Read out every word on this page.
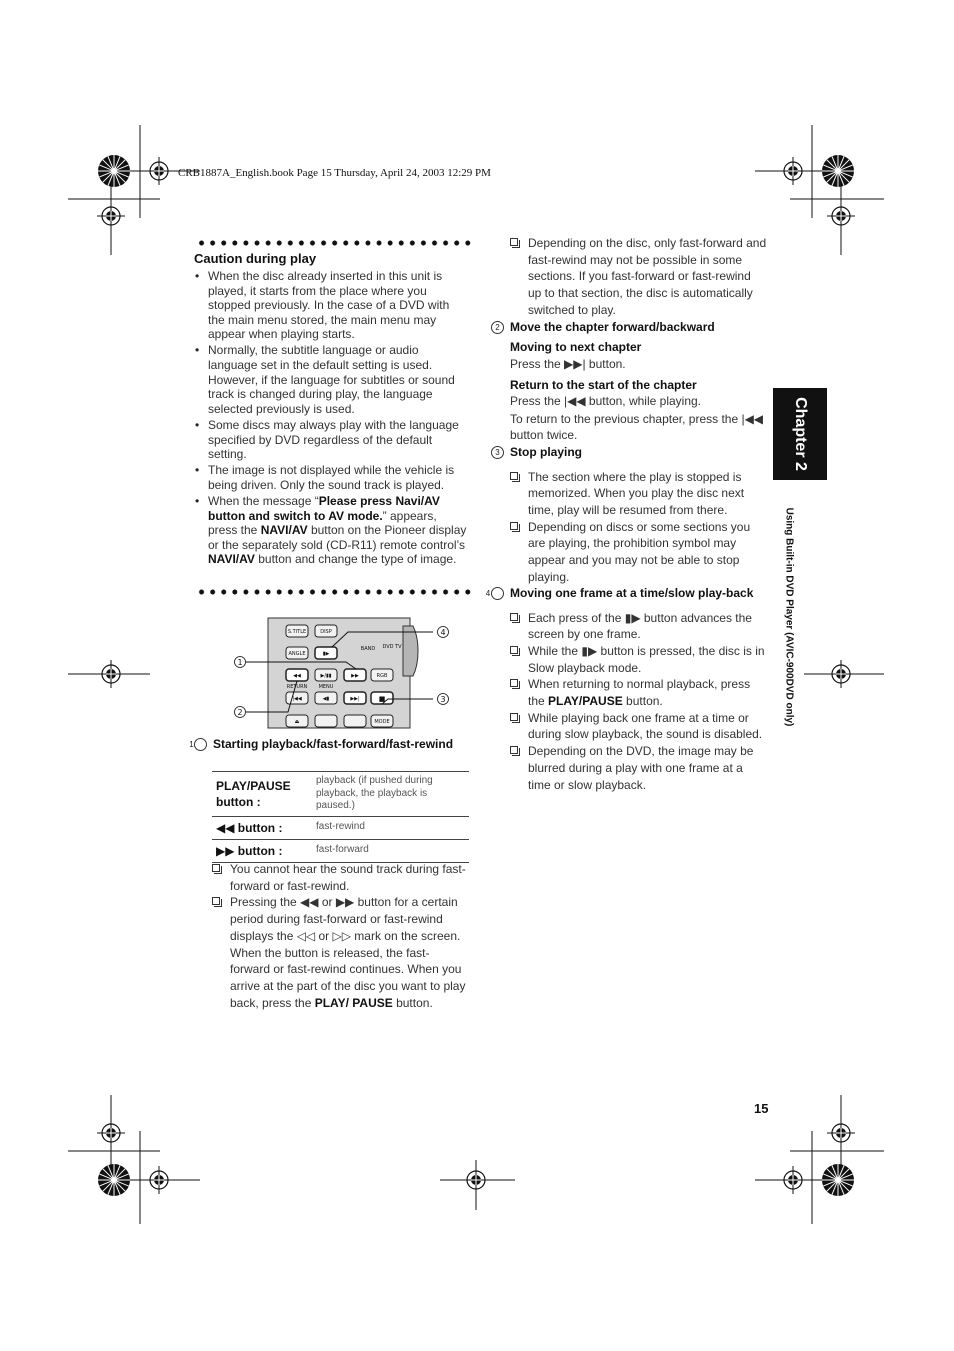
CRB1887A_English.book Page 15 Thursday, April 24, 2003 12:29 PM
Caution during play
• When the disc already inserted in this unit is played, it starts from the place where you stopped previously. In the case of a DVD with the main menu stored, the main menu may appear when playing starts.
• Normally, the subtitle language or audio language set in the default setting is used. However, if the language for subtitles or sound track is changed during play, the language selected previously is used.
• Some discs may always play with the language specified by DVD regardless of the default setting.
• The image is not displayed while the vehicle is being driven. Only the sound track is played.
• When the message “Please press Navi/AV button and switch to AV mode.” appears, press the NAVI/AV button on the Pioneer display or the separately sold (CD-R11) remote control’s NAVI/AV button and change the type of image.
S.TITLE	DISP
ANGLE	▮▶
BAND DVD TV
◀◀	▶/▮▮	▶▶	RGB
RETURN MENU
|◀◀	◀▮	▶▶|	■
⏏	MODE
1
2
3
4
1 Starting playback/fast-forward/fast-rewind
PLAY/PAUSE button :	playback (if pushed during playback, the playback is paused.)
◀◀ button :	fast-rewind
▶▶ button :	fast-forward
You cannot hear the sound track during fast-forward or fast-rewind.
Pressing the ◀◀ or ▶▶ button for a certain period during fast-forward or fast-rewind displays the ◁◁ or ▷▷ mark on the screen. When the button is released, the fast-forward or fast-rewind continues. When you arrive at the part of the disc you want to play back, press the PLAY/ PAUSE button.
Depending on the disc, only fast-forward and fast-rewind may not be possible in some sections. If you fast-forward or fast-rewind up to that section, the disc is automatically switched to play.
2 Move the chapter forward/backward
Moving to next chapter
Press the ▶▶| button.
Return to the start of the chapter
Press the |◀◀ button, while playing.
To return to the previous chapter, press the |◀◀ button twice.
3 Stop playing
The section where the play is stopped is memorized. When you play the disc next time, play will be resumed from there.
Depending on discs or some sections you are playing, the prohibition symbol may appear and you may not be able to stop playing.
4 Moving one frame at a time/slow play-back
Each press of the ▮▶ button advances the screen by one frame.
While the ▮▶ button is pressed, the disc is in Slow playback mode.
When returning to normal playback, press the PLAY/PAUSE button.
While playing back one frame at a time or during slow playback, the sound is disabled.
Depending on the DVD, the image may be blurred during a play with one frame at a time or slow playback.
Chapter 2
Using Built-in DVD Player (AVIC-900DVD only)
15
